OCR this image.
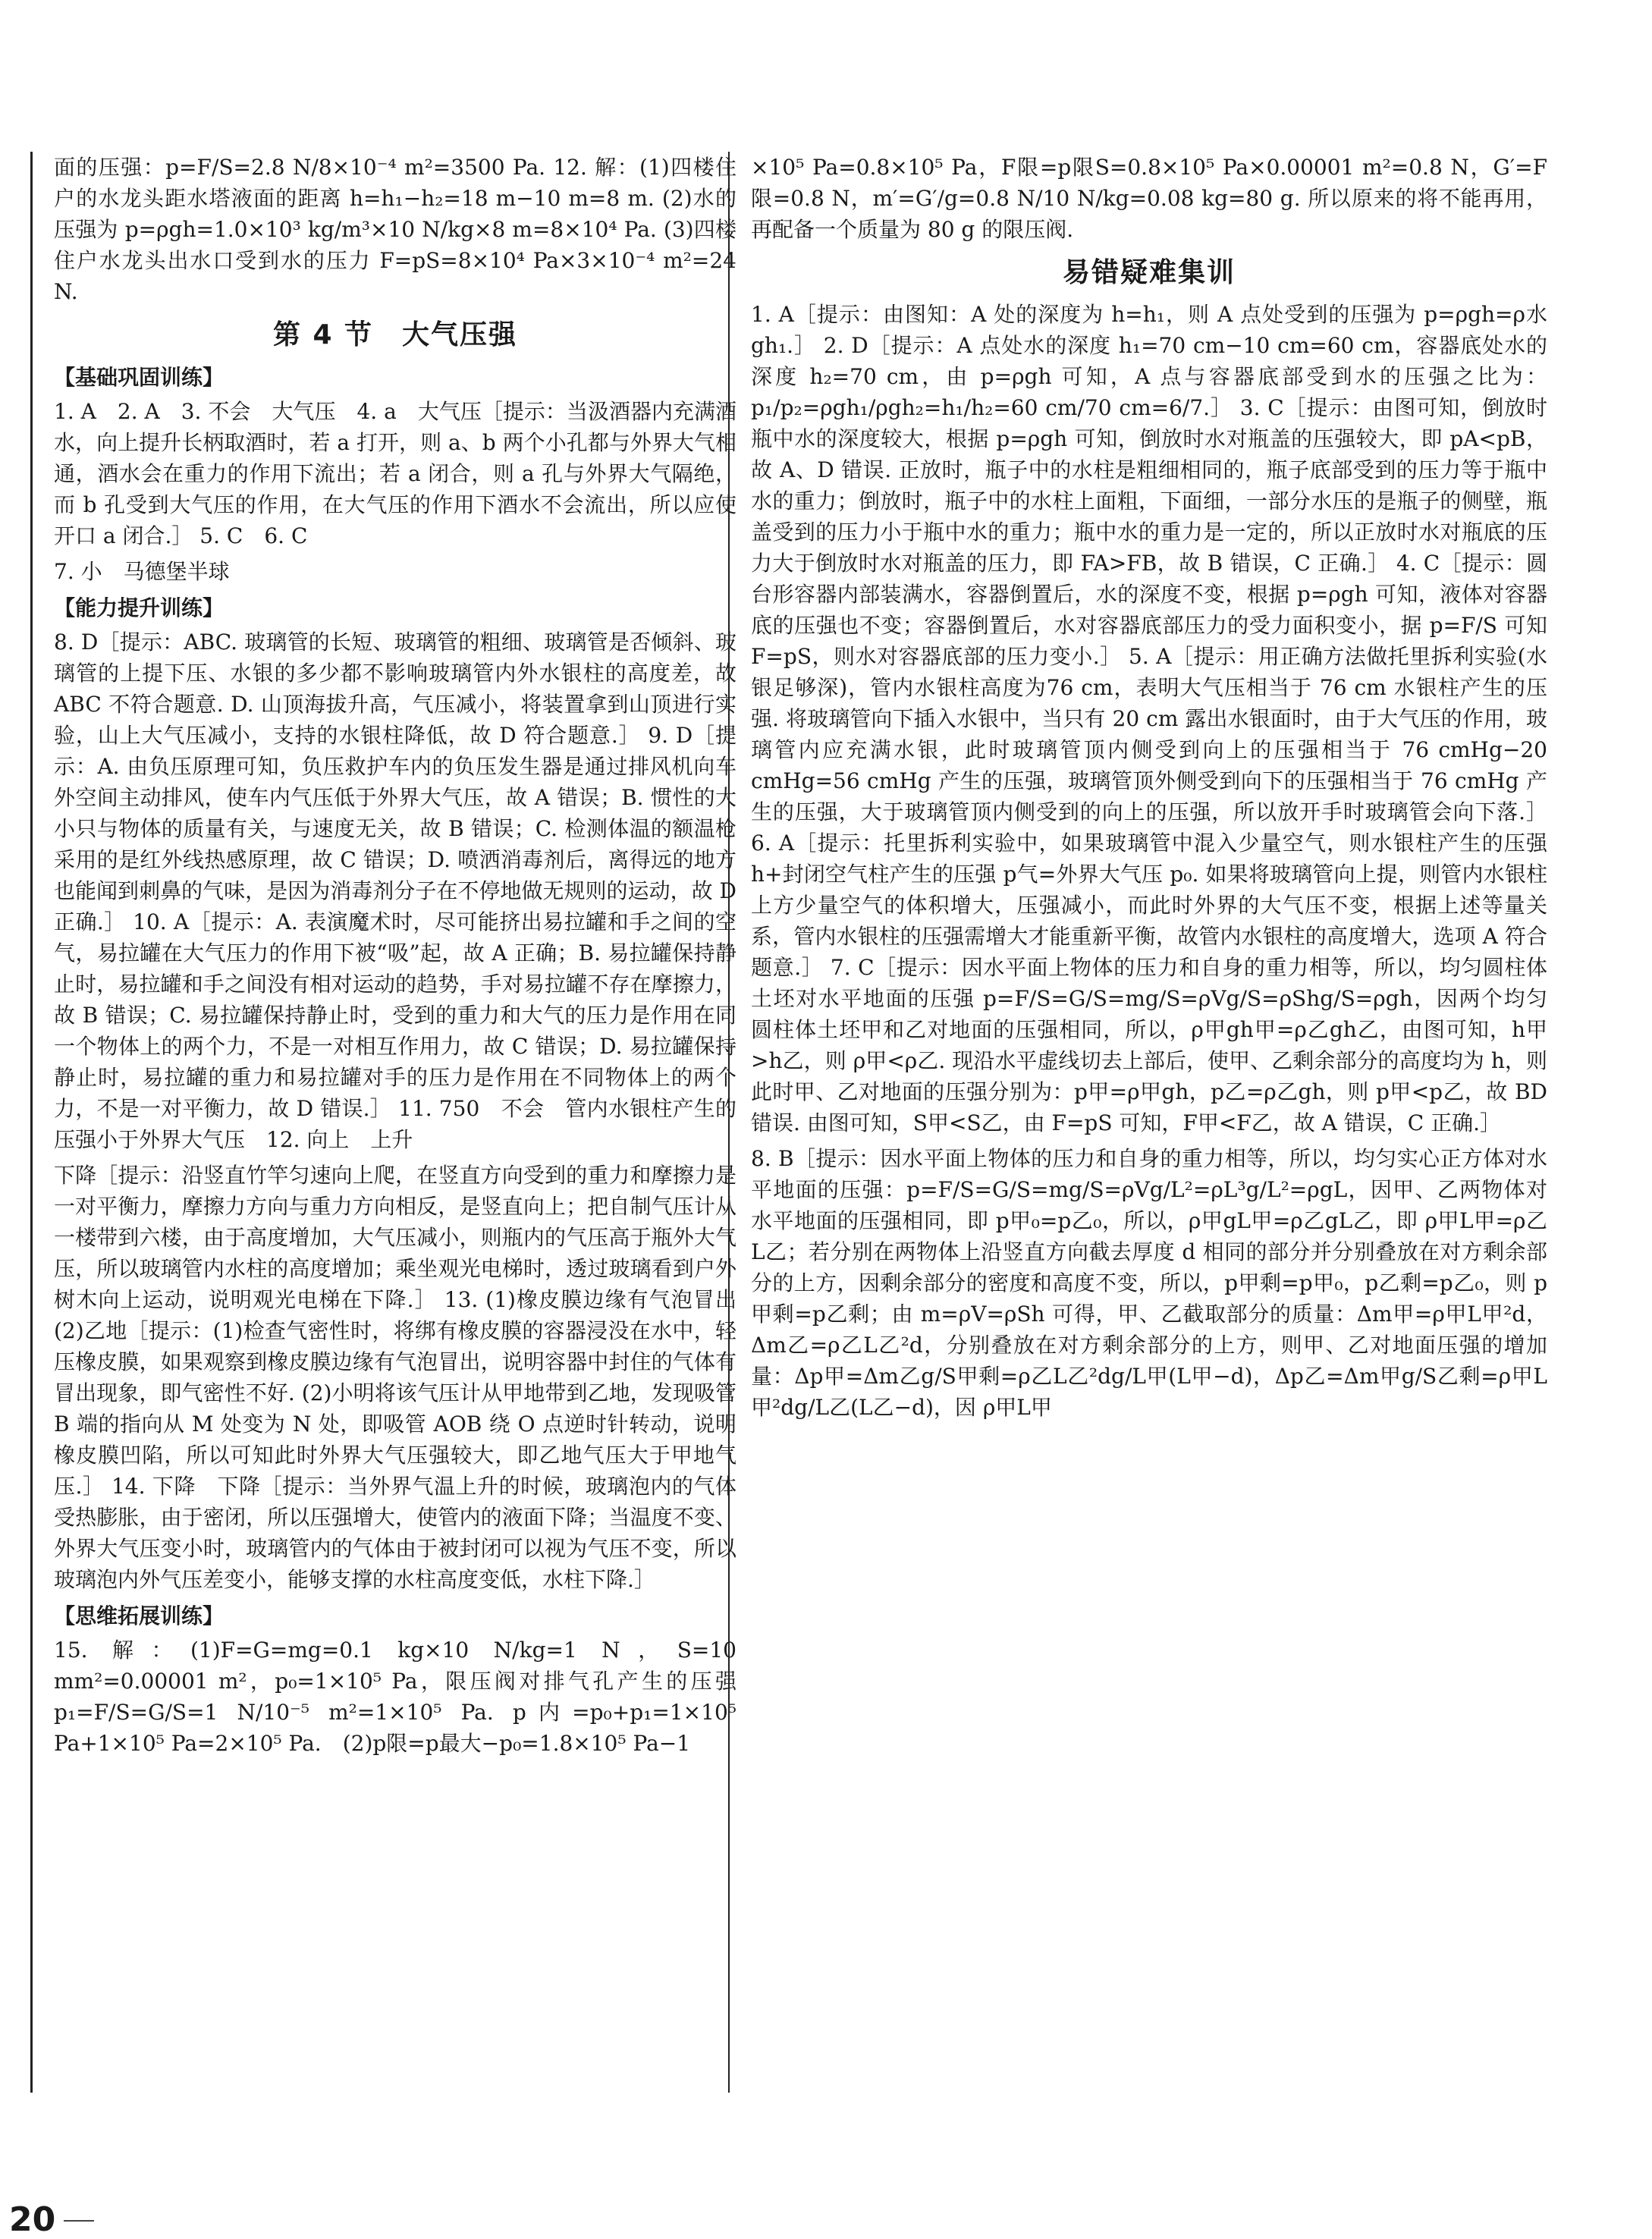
面的压强：p=F/S=2.8 N/8×10⁻⁴ m²=3500 Pa. 12. 解：(1)四楼住户的水龙头距水塔液面的距离 h=h₁−h₂=18 m−10 m=8 m. (2)水的压强为 p=ρgh=1.0×10³ kg/m³×10 N/kg×8 m=8×10⁴ Pa. (3)四楼住户水龙头出水口受到水的压力 F=pS=8×10⁴ Pa×3×10⁻⁴ m²=24 N.

第 4 节　大气压强
【基础巩固训练】

1. A　2. A　3. 不会　大气压　4. a　大气压［提示：当汲酒器内充满酒水，向上提升长柄取酒时，若 a 打开，则 a、b 两个小孔都与外界大气相通，酒水会在重力的作用下流出；若 a 闭合，则 a 孔与外界大气隔绝，而 b 孔受到大气压的作用，在大气压的作用下酒水不会流出，所以应使开口 a 闭合.］ 5. C　6. C

7. 小　马德堡半球

【能力提升训练】

8. D［提示：ABC. 玻璃管的长短、玻璃管的粗细、玻璃管是否倾斜、玻璃管的上提下压、水银的多少都不影响玻璃管内外水银柱的高度差，故 ABC 不符合题意. D. 山顶海拔升高，气压减小，将装置拿到山顶进行实验，山上大气压减小，支持的水银柱降低，故 D 符合题意.］ 9. D［提示：A. 由负压原理可知，负压救护车内的负压发生器是通过排风机向车外空间主动排风，使车内气压低于外界大气压，故 A 错误；B. 惯性的大小只与物体的质量有关，与速度无关，故 B 错误；C. 检测体温的额温枪采用的是红外线热感原理，故 C 错误；D. 喷洒消毒剂后，离得远的地方也能闻到刺鼻的气味，是因为消毒剂分子在不停地做无规则的运动，故 D 正确.］ 10. A［提示：A. 表演魔术时，尽可能挤出易拉罐和手之间的空气，易拉罐在大气压力的作用下被“吸”起，故 A 正确；B. 易拉罐保持静止时，易拉罐和手之间没有相对运动的趋势，手对易拉罐不存在摩擦力，故 B 错误；C. 易拉罐保持静止时，受到的重力和大气的压力是作用在同一个物体上的两个力，不是一对相互作用力，故 C 错误；D. 易拉罐保持静止时，易拉罐的重力和易拉罐对手的压力是作用在不同物体上的两个力，不是一对平衡力，故 D 错误.］ 11. 750　不会　管内水银柱产生的压强小于外界大气压　12. 向上　上升

下降［提示：沿竖直竹竿匀速向上爬，在竖直方向受到的重力和摩擦力是一对平衡力，摩擦力方向与重力方向相反，是竖直向上；把自制气压计从一楼带到六楼，由于高度增加，大气压减小，则瓶内的气压高于瓶外大气压，所以玻璃管内水柱的高度增加；乘坐观光电梯时，透过玻璃看到户外树木向上运动，说明观光电梯在下降.］ 13. (1)橡皮膜边缘有气泡冒出　(2)乙地［提示：(1)检查气密性时，将绑有橡皮膜的容器浸没在水中，轻压橡皮膜，如果观察到橡皮膜边缘有气泡冒出，说明容器中封住的气体有冒出现象，即气密性不好. (2)小明将该气压计从甲地带到乙地，发现吸管 B 端的指向从 M 处变为 N 处，即吸管 AOB 绕 O 点逆时针转动，说明橡皮膜凹陷，所以可知此时外界大气压强较大，即乙地气压大于甲地气压.］ 14. 下降　下降［提示：当外界气温上升的时候，玻璃泡内的气体受热膨胀，由于密闭，所以压强增大，使管内的液面下降；当温度不变、外界大气压变小时，玻璃管内的气体由于被封闭可以视为气压不变，所以玻璃泡内外气压差变小，能够支撑的水柱高度变低，水柱下降.］

【思维拓展训练】

15. 解：(1)F=G=mg=0.1 kg×10 N/kg=1 N，S=10 mm²=0.00001 m²，p₀=1×10⁵ Pa，限压阀对排气孔产生的压强 p₁=F/S=G/S=1 N/10⁻⁵ m²=1×10⁵ Pa. p内=p₀+p₁=1×10⁵ Pa+1×10⁵ Pa=2×10⁵ Pa.　(2)p限=p最大−p₀=1.8×10⁵ Pa−1

×10⁵ Pa=0.8×10⁵ Pa，F限=p限S=0.8×10⁵ Pa×0.00001 m²=0.8 N，G′=F限=0.8 N，m′=G′/g=0.8 N/10 N/kg=0.08 kg=80 g. 所以原来的将不能再用，再配备一个质量为 80 g 的限压阀.

易错疑难集训

1. A［提示：由图知：A 处的深度为 h=h₁，则 A 点处受到的压强为 p=ρgh=ρ水gh₁.］ 2. D［提示：A 点处水的深度 h₁=70 cm−10 cm=60 cm，容器底处水的深度 h₂=70 cm，由 p=ρgh 可知，A 点与容器底部受到水的压强之比为：p₁/p₂=ρgh₁/ρgh₂=h₁/h₂=60 cm/70 cm=6/7.］ 3. C［提示：由图可知，倒放时瓶中水的深度较大，根据 p=ρgh 可知，倒放时水对瓶盖的压强较大，即 pA<pB，故 A、D 错误. 正放时，瓶子中的水柱是粗细相同的，瓶子底部受到的压力等于瓶中水的重力；倒放时，瓶子中的水柱上面粗，下面细，一部分水压的是瓶子的侧壁，瓶盖受到的压力小于瓶中水的重力；瓶中水的重力是一定的，所以正放时水对瓶底的压力大于倒放时水对瓶盖的压力，即 FA>FB，故 B 错误，C 正确.］ 4. C［提示：圆台形容器内部装满水，容器倒置后，水的深度不变，根据 p=ρgh 可知，液体对容器底的压强也不变；容器倒置后，水对容器底部压力的受力面积变小，据 p=F/S 可知 F=pS，则水对容器底部的压力变小.］ 5. A［提示：用正确方法做托里拆利实验(水银足够深)，管内水银柱高度为76 cm，表明大气压相当于 76 cm 水银柱产生的压强. 将玻璃管向下插入水银中，当只有 20 cm 露出水银面时，由于大气压的作用，玻璃管内应充满水银，此时玻璃管顶内侧受到向上的压强相当于 76 cmHg−20 cmHg=56 cmHg 产生的压强，玻璃管顶外侧受到向下的压强相当于 76 cmHg 产生的压强，大于玻璃管顶内侧受到的向上的压强，所以放开手时玻璃管会向下落.］ 6. A［提示：托里拆利实验中，如果玻璃管中混入少量空气，则水银柱产生的压强 h+封闭空气柱产生的压强 p气=外界大气压 p₀. 如果将玻璃管向上提，则管内水银柱上方少量空气的体积增大，压强减小，而此时外界的大气压不变，根据上述等量关系，管内水银柱的压强需增大才能重新平衡，故管内水银柱的高度增大，选项 A 符合题意.］ 7. C［提示：因水平面上物体的压力和自身的重力相等，所以，均匀圆柱体土坯对水平地面的压强 p=F/S=G/S=mg/S=ρVg/S=ρShg/S=ρgh，因两个均匀圆柱体土坯甲和乙对地面的压强相同，所以，ρ甲gh甲=ρ乙gh乙，由图可知，h甲>h乙，则 ρ甲<ρ乙. 现沿水平虚线切去上部后，使甲、乙剩余部分的高度均为 h，则此时甲、乙对地面的压强分别为：p甲=ρ甲gh，p乙=ρ乙gh，则 p甲<p乙，故 BD 错误. 由图可知，S甲<S乙，由 F=pS 可知，F甲<F乙，故 A 错误，C 正确.］

8. B［提示：因水平面上物体的压力和自身的重力相等，所以，均匀实心正方体对水平地面的压强：p=F/S=G/S=mg/S=ρVg/L²=ρL³g/L²=ρgL，因甲、乙两物体对水平地面的压强相同，即 p甲₀=p乙₀，所以，ρ甲gL甲=ρ乙gL乙，即 ρ甲L甲=ρ乙L乙；若分别在两物体上沿竖直方向截去厚度 d 相同的部分并分别叠放在对方剩余部分的上方，因剩余部分的密度和高度不变，所以，p甲剩=p甲₀，p乙剩=p乙₀，则 p甲剩=p乙剩；由 m=ρV=ρSh 可得，甲、乙截取部分的质量：Δm甲=ρ甲L甲²d，Δm乙=ρ乙L乙²d，分别叠放在对方剩余部分的上方，则甲、乙对地面压强的增加量：Δp甲=Δm乙g/S甲剩=ρ乙L乙²dg/L甲(L甲−d)，Δp乙=Δm甲g/S乙剩=ρ甲L甲²dg/L乙(L乙−d)，因 ρ甲L甲

20
